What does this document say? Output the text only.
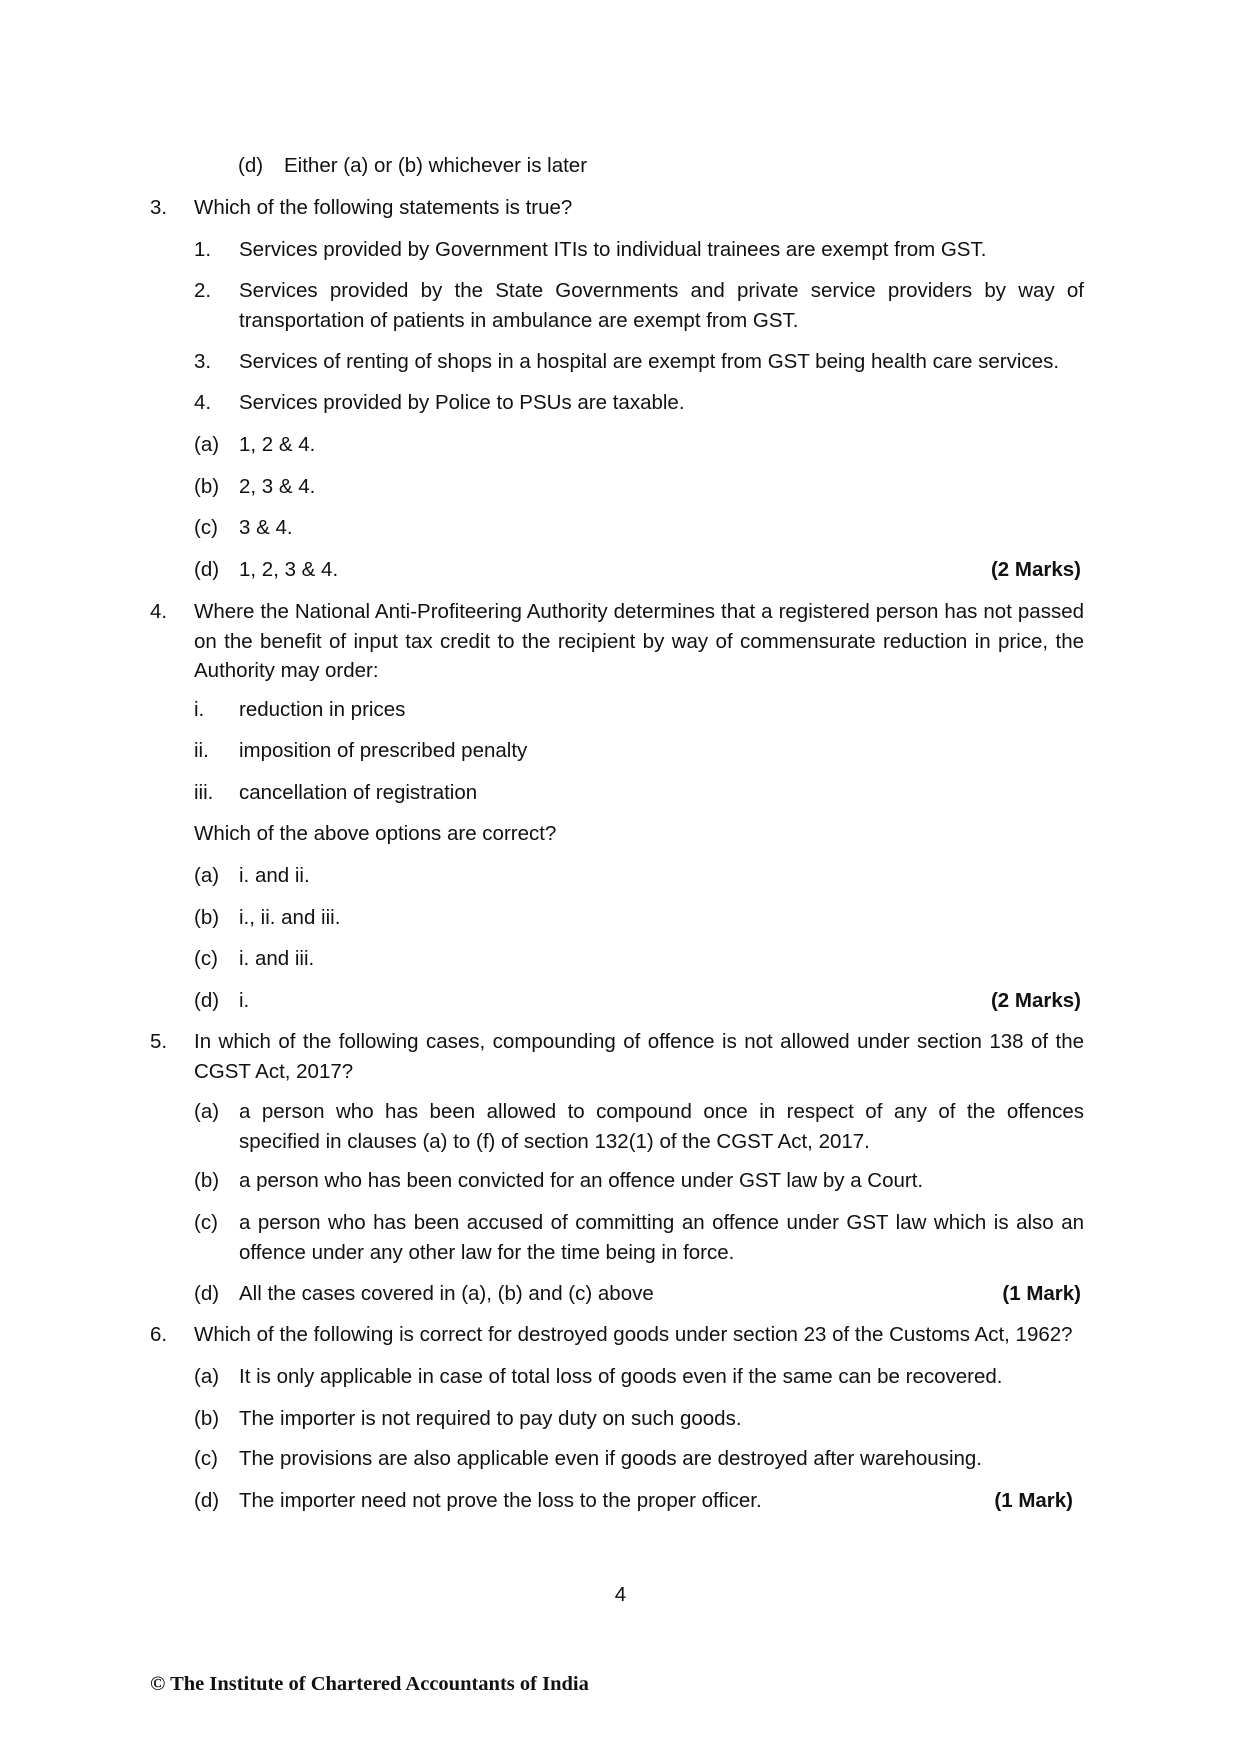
(d) Either (a) or (b) whichever is later
3. Which of the following statements is true?
1. Services provided by Government ITIs to individual trainees are exempt from GST.
2. Services provided by the State Governments and private service providers by way of transportation of patients in ambulance are exempt from GST.
3. Services of renting of shops in a hospital are exempt from GST being health care services.
4. Services provided by Police to PSUs are taxable.
(a) 1, 2 & 4.
(b) 2, 3 & 4.
(c) 3 & 4.
(d) 1, 2, 3 & 4.	(2 Marks)
4. Where the National Anti-Profiteering Authority determines that a registered person has not passed on the benefit of input tax credit to the recipient by way of commensurate reduction in price, the Authority may order:
i. reduction in prices
ii. imposition of prescribed penalty
iii. cancellation of registration
Which of the above options are correct?
(a) i. and ii.
(b) i., ii. and iii.
(c) i. and iii.
(d) i.	(2 Marks)
5. In which of the following cases, compounding of offence is not allowed under section 138 of the CGST Act, 2017?
(a) a person who has been allowed to compound once in respect of any of the offences specified in clauses (a) to (f) of section 132(1) of the CGST Act, 2017.
(b) a person who has been convicted for an offence under GST law by a Court.
(c) a person who has been accused of committing an offence under GST law which is also an offence under any other law for the time being in force.
(d) All the cases covered in (a), (b) and (c) above	(1 Mark)
6. Which of the following is correct for destroyed goods under section 23 of the Customs Act, 1962?
(a) It is only applicable in case of total loss of goods even if the same can be recovered.
(b) The importer is not required to pay duty on such goods.
(c) The provisions are also applicable even if goods are destroyed after warehousing.
(d) The importer need not prove the loss to the proper officer.	(1 Mark)
4
© The Institute of Chartered Accountants of India
